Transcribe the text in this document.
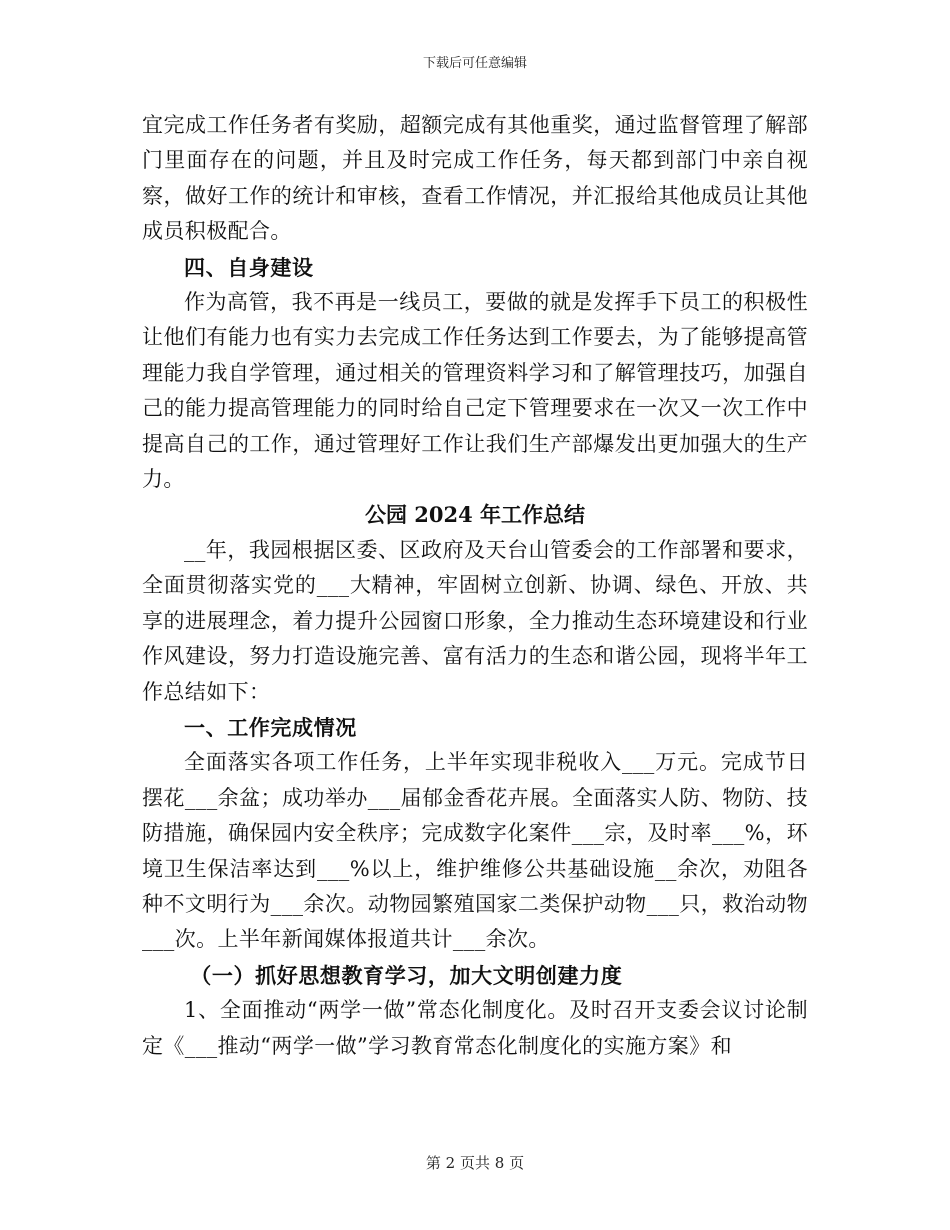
下载后可任意编辑

宜完成工作任务者有奖励，超额完成有其他重奖，通过监督管理了解部门里面存在的问题，并且及时完成工作任务，每天都到部门中亲自视察，做好工作的统计和审核，查看工作情况，并汇报给其他成员让其他成员积极配合。

四、自身建设

作为高管，我不再是一线员工，要做的就是发挥手下员工的积极性让他们有能力也有实力去完成工作任务达到工作要去，为了能够提高管理能力我自学管理，通过相关的管理资料学习和了解管理技巧，加强自己的能力提高管理能力的同时给自己定下管理要求在一次又一次工作中提高自己的工作，通过管理好工作让我们生产部爆发出更加强大的生产力。

公园 2024 年工作总结

__年，我园根据区委、区政府及天台山管委会的工作部署和要求，全面贯彻落实党的___大精神，牢固树立创新、协调、绿色、开放、共享的进展理念，着力提升公园窗口形象，全力推动生态环境建设和行业作风建设，努力打造设施完善、富有活力的生态和谐公园，现将半年工作总结如下：

一、工作完成情况

全面落实各项工作任务，上半年实现非税收入___万元。完成节日摆花___余盆；成功举办___届郁金香花卉展。全面落实人防、物防、技防措施，确保园内安全秩序；完成数字化案件___宗，及时率___%，环境卫生保洁率达到___%以上，维护维修公共基础设施__余次，劝阻各种不文明行为___余次。动物园繁殖国家二类保护动物___只，救治动物___次。上半年新闻媒体报道共计___余次。

（一）抓好思想教育学习，加大文明创建力度

1、全面推动“两学一做”常态化制度化。及时召开支委会议讨论制定《___推动“两学一做”学习教育常态化制度化的实施方案》和

第 2 页共 8 页
